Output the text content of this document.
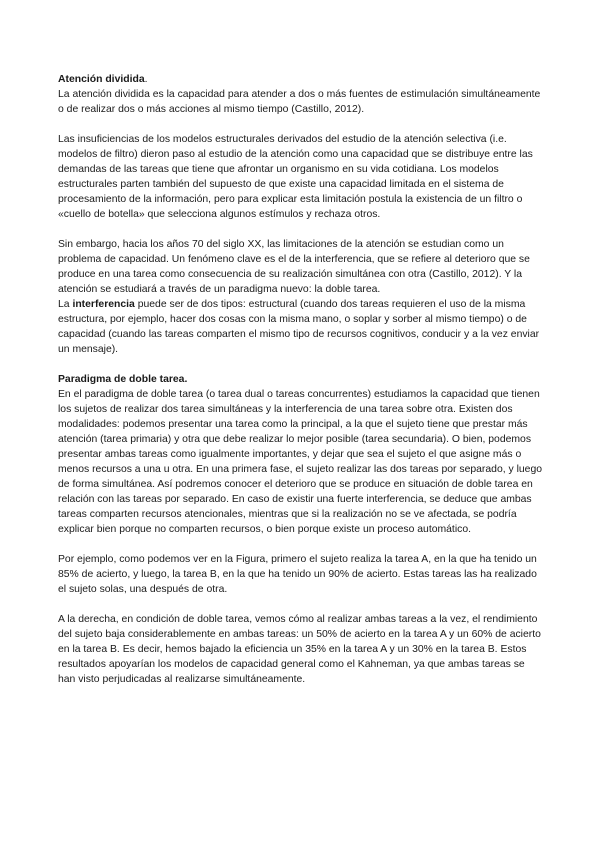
Atención dividida.
La atención dividida es la capacidad para atender a dos o más fuentes de estimulación simultáneamente o de realizar dos o más acciones al mismo tiempo (Castillo, 2012).

Las insuficiencias de los modelos estructurales derivados del estudio de la atención selectiva (i.e. modelos de filtro) dieron paso al estudio de la atención como una capacidad que se distribuye entre las demandas de las tareas que tiene que afrontar un organismo en su vida cotidiana. Los modelos estructurales parten también del supuesto de que existe una capacidad limitada en el sistema de procesamiento de la información, pero para explicar esta limitación postula la existencia de un filtro o «cuello de botella» que selecciona algunos estímulos y rechaza otros.

Sin embargo, hacia los años 70 del siglo XX, las limitaciones de la atención se estudian como un problema de capacidad. Un fenómeno clave es el de la interferencia, que se refiere al deterioro que se produce en una tarea como consecuencia de su realización simultánea con otra (Castillo, 2012). Y la atención se estudiará a través de un paradigma nuevo: la doble tarea.

La interferencia puede ser de dos tipos: estructural (cuando dos tareas requieren el uso de la misma estructura, por ejemplo, hacer dos cosas con la misma mano, o soplar y sorber al mismo tiempo) o de capacidad (cuando las tareas comparten el mismo tipo de recursos cognitivos, conducir y a la vez enviar un mensaje).

Paradigma de doble tarea.
En el paradigma de doble tarea (o tarea dual o tareas concurrentes) estudiamos la capacidad que tienen los sujetos de realizar dos tarea simultáneas y la interferencia de una tarea sobre otra. Existen dos modalidades: podemos presentar una tarea como la principal, a la que el sujeto tiene que prestar más atención (tarea primaria) y otra que debe realizar lo mejor posible (tarea secundaria). O bien, podemos presentar ambas tareas como igualmente importantes, y dejar que sea el sujeto el que asigne más o menos recursos a una u otra. En una primera fase, el sujeto realizar las dos tareas por separado, y luego de forma simultánea. Así podremos conocer el deterioro que se produce en situación de doble tarea en relación con las tareas por separado. En caso de existir una fuerte interferencia, se deduce que ambas tareas comparten recursos atencionales, mientras que si la realización no se ve afectada, se podría explicar bien porque no comparten recursos, o bien porque existe un proceso automático.

Por ejemplo, como podemos ver en la Figura, primero el sujeto realiza la tarea A, en la que ha tenido un 85% de acierto, y luego, la tarea B, en la que ha tenido un 90% de acierto. Estas tareas las ha realizado el sujeto solas, una después de otra.

A la derecha, en condición de doble tarea, vemos cómo al realizar ambas tareas a la vez, el rendimiento del sujeto baja considerablemente en ambas tareas: un 50% de acierto en la tarea A y un 60% de acierto en la tarea B. Es decir, hemos bajado la eficiencia un 35% en la tarea A y un 30% en la tarea B. Estos resultados apoyarían los modelos de capacidad general como el Kahneman, ya que ambas tareas se han visto perjudicadas al realizarse simultáneamente.
